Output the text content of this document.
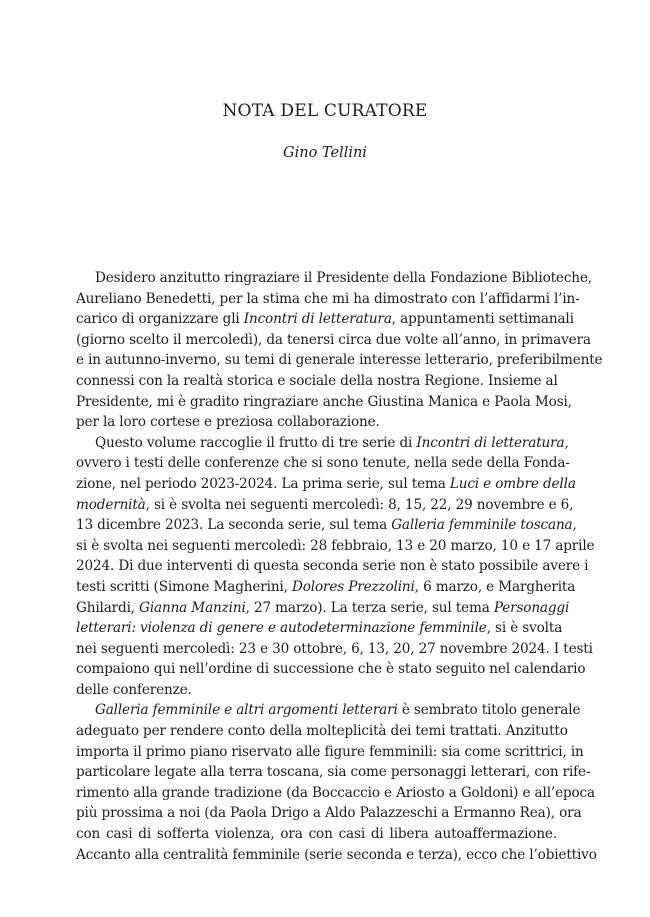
NOTA DEL CURATORE
Gino Tellini
Desidero anzitutto ringraziare il Presidente della Fondazione Biblioteche,
Aureliano Benedetti, per la stima che mi ha dimostrato con l’affidarmi l’in-
carico di organizzare gli Incontri di letteratura, appuntamenti settimanali
(giorno scelto il mercoledì), da tenersi circa due volte all’anno, in primavera
e in autunno-inverno, su temi di generale interesse letterario, preferibilmente
connessi con la realtà storica e sociale della nostra Regione. Insieme al
Presidente, mi è gradito ringraziare anche Giustina Manica e Paola Mosi,
per la loro cortese e preziosa collaborazione.
Questo volume raccoglie il frutto di tre serie di Incontri di letteratura,
ovvero i testi delle conferenze che si sono tenute, nella sede della Fonda-
zione, nel periodo 2023-2024. La prima serie, sul tema Luci e ombre della
modernità, si è svolta nei seguenti mercoledì: 8, 15, 22, 29 novembre e 6,
13 dicembre 2023. La seconda serie, sul tema Galleria femminile toscana,
si è svolta nei seguenti mercoledì: 28 febbraio, 13 e 20 marzo, 10 e 17 aprile
2024. Di due interventi di questa seconda serie non è stato possibile avere i
testi scritti (Simone Magherini, Dolores Prezzolini, 6 marzo, e Margherita
Ghilardi, Gianna Manzini, 27 marzo). La terza serie, sul tema Personaggi
letterari: violenza di genere e autodeterminazione femminile, si è svolta
nei seguenti mercoledì: 23 e 30 ottobre, 6, 13, 20, 27 novembre 2024. I testi
compaiono qui nell’ordine di successione che è stato seguito nel calendario
delle conferenze.
Galleria femminile e altri argomenti letterari è sembrato titolo generale
adeguato per rendere conto della molteplicità dei temi trattati. Anzitutto
importa il primo piano riservato alle figure femminili: sia come scrittrici, in
particolare legate alla terra toscana, sia come personaggi letterari, con rife-
rimento alla grande tradizione (da Boccaccio e Ariosto a Goldoni) e all’epoca
più prossima a noi (da Paola Drigo a Aldo Palazzeschi a Ermanno Rea), ora
con casi di sofferta violenza, ora con casi di libera autoaffermazione.
Accanto alla centralità femminile (serie seconda e terza), ecco che l’obiettivo
